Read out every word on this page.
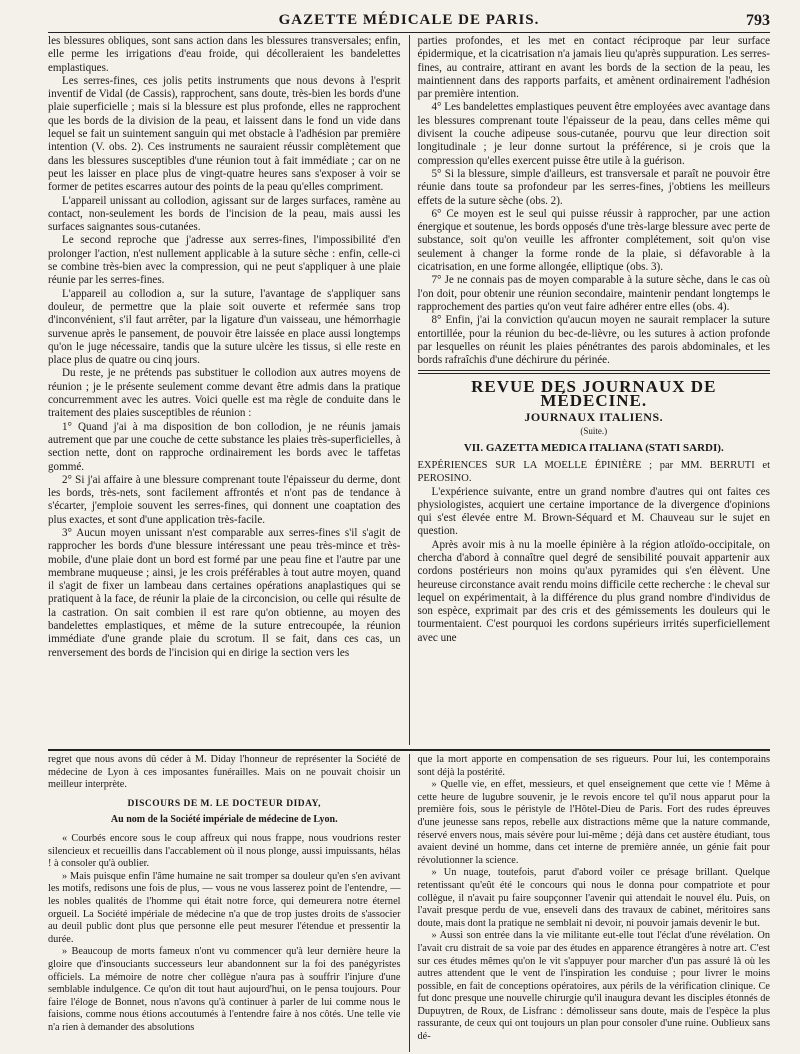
GAZETTE MÉDICALE DE PARIS.	793

les blessures obliques, sont sans action dans les blessures transversales; enfin, elle perme les irrigations d'eau froide, qui décolleraient les bandelettes emplastiques.

Les serres-fines, ces jolis petits instruments que nous devons à l'esprit inventif de Vidal (de Cassis), rapprochent, sans doute, très-bien les bords d'une plaie superficielle ; mais si la blessure est plus profonde, elles ne rapprochent que les bords de la division de la peau, et laissent dans le fond un vide dans lequel se fait un suintement sanguin qui met obstacle à l'adhésion par première intention (V. obs. 2). Ces instruments ne sauraient réussir complètement que dans les blessures susceptibles d'une réunion tout à fait immédiate ; car on ne peut les laisser en place plus de vingt-quatre heures sans s'exposer à voir se former de petites escarres autour des points de la peau qu'elles compriment.

L'appareil unissant au collodion, agissant sur de larges surfaces, ramène au contact, non-seulement les bords de l'incision de la peau, mais aussi les surfaces saignantes sous-cutanées.

Le second reproche que j'adresse aux serres-fines, l'impossibilité d'en prolonger l'action, n'est nullement applicable à la suture sèche : enfin, celle-ci se combine très-bien avec la compression, qui ne peut s'appliquer à une plaie réunie par les serres-fines.

L'appareil au collodion a, sur la suture, l'avantage de s'appliquer sans douleur, de permettre que la plaie soit ouverte et refermée sans trop d'inconvénient, s'il faut arrêter, par la ligature d'un vaisseau, une hémorrhagie survenue après le pansement, de pouvoir être laissée en place aussi longtemps qu'on le juge nécessaire, tandis que la suture ulcère les tissus, si elle reste en place plus de quatre ou cinq jours.

Du reste, je ne prétends pas substituer le collodion aux autres moyens de réunion ; je le présente seulement comme devant être admis dans la pratique concurremment avec les autres. Voici quelle est ma règle de conduite dans le traitement des plaies susceptibles de réunion :

1° Quand j'ai à ma disposition de bon collodion, je ne réunis jamais autrement que par une couche de cette substance les plaies très-superficielles, à section nette, dont on rapproche ordinairement les bords avec le taffetas gommé.

2° Si j'ai affaire à une blessure comprenant toute l'épaisseur du derme, dont les bords, très-nets, sont facilement affrontés et n'ont pas de tendance à s'écarter, j'emploie souvent les serres-fines, qui donnent une coaptation des plus exactes, et sont d'une application très-facile.

3° Aucun moyen unissant n'est comparable aux serres-fines s'il s'agit de rapprocher les bords d'une blessure intéressant une peau très-mince et très-mobile, d'une plaie dont un bord est formé par une peau fine et l'autre par une membrane muqueuse ; ainsi, je les crois préférables à tout autre moyen, quand il s'agit de fixer un lambeau dans certaines opérations anaplastiques qui se pratiquent à la face, de réunir la plaie de la circoncision, ou celle qui résulte de la castration. On sait combien il est rare qu'on obtienne, au moyen des bandelettes emplastiques, et même de la suture entrecoupée, la réunion immédiate d'une grande plaie du scrotum. Il se fait, dans ces cas, un renversement des bords de l'incision qui en dirige la section vers les

parties profondes, et les met en contact réciproque par leur surface épidermique, et la cicatrisation n'a jamais lieu qu'après suppuration. Les serres-fines, au contraire, attirant en avant les bords de la section de la peau, les maintiennent dans des rapports parfaits, et amènent ordinairement l'adhésion par première intention.

4° Les bandelettes emplastiques peuvent être employées avec avantage dans les blessures comprenant toute l'épaisseur de la peau, dans celles même qui divisent la couche adipeuse sous-cutanée, pourvu que leur direction soit longitudinale ; je leur donne surtout la préférence, si je crois que la compression qu'elles exercent puisse être utile à la guérison.

5° Si la blessure, simple d'ailleurs, est transversale et paraît ne pouvoir être réunie dans toute sa profondeur par les serres-fines, j'obtiens les meilleurs effets de la suture sèche (obs. 2).

6° Ce moyen est le seul qui puisse réussir à rapprocher, par une action énergique et soutenue, les bords opposés d'une très-large blessure avec perte de substance, soit qu'on veuille les affronter complétement, soit qu'on vise seulement à changer la forme ronde de la plaie, si défavorable à la cicatrisation, en une forme allongée, elliptique (obs. 3).

7° Je ne connais pas de moyen comparable à la suture sèche, dans le cas où l'on doit, pour obtenir une réunion secondaire, maintenir pendant longtemps le rapprochement des parties qu'on veut faire adhérer entre elles (obs. 4).

8° Enfin, j'ai la conviction qu'aucun moyen ne saurait remplacer la suture entortillée, pour la réunion du bec-de-lièvre, ou les sutures à action profonde par lesquelles on réunit les plaies pénétrantes des parois abdominales, et les bords rafraîchis d'une déchirure du périnée.

REVUE DES JOURNAUX DE MÉDECINE.
JOURNAUX ITALIENS.
(Suite.)
VII. GAZETTA MEDICA ITALIANA (STATI SARDI).

EXPÉRIENCES SUR LA MOELLE ÉPINIÈRE ; par MM. BERRUTI et PEROSINO.

L'expérience suivante, entre un grand nombre d'autres qui ont faites ces physiologistes, acquiert une certaine importance de la divergence d'opinions qui s'est élevée entre M. Brown-Séquard et M. Chauveau sur le sujet en question.

Après avoir mis à nu la moelle épinière à la région atloïdo-occipitale, on chercha d'abord à connaître quel degré de sensibilité pouvait appartenir aux cordons postérieurs non moins qu'aux pyramides qui s'en élèvent. Une heureuse circonstance avait rendu moins difficile cette recherche : le cheval sur lequel on expérimentait, à la différence du plus grand nombre d'individus de son espèce, exprimait par des cris et des gémissements les douleurs qui le tourmentaient. C'est pourquoi les cordons supérieurs irrités superficiellement avec une

regret que nous avons dû céder à M. Diday l'honneur de représenter la Société de médecine de Lyon à ces imposantes funérailles. Mais on ne pouvait choisir un meilleur interprète.

DISCOURS DE M. LE DOCTEUR DIDAY,
Au nom de la Société impériale de médecine de Lyon.

« Courbés encore sous le coup affreux qui nous frappe, nous voudrions rester silencieux et recueillis dans l'accablement où il nous plonge, aussi impuissants, hélas ! à consoler qu'à oublier.

» Mais puisque enfin l'âme humaine ne sait tromper sa douleur qu'en s'en avivant les motifs, redisons une fois de plus, — vous ne vous lasserez point de l'entendre, — les nobles qualités de l'homme qui était notre force, qui demeurera notre éternel orgueil. La Société impériale de médecine n'a que de trop justes droits de s'associer au deuil public dont plus que personne elle peut mesurer l'étendue et pressentir la durée.

» Beaucoup de morts fameux n'ont vu commencer qu'à leur dernière heure la gloire que d'insouciants successeurs leur abandonnent sur la foi des panégyristes officiels. La mémoire de notre cher collègue n'aura pas à souffrir l'injure d'une semblable indulgence. Ce qu'on dit tout haut aujourd'hui, on le pensa toujours. Pour faire l'éloge de Bonnet, nous n'avons qu'à continuer à parler de lui comme nous le faisions, comme nous étions accoutumés à l'entendre faire à nos côtés. Une telle vie n'a rien à demander des absolutions

que la mort apporte en compensation de ses rigueurs. Pour lui, les contemporains sont déjà la postérité.

» Quelle vie, en effet, messieurs, et quel enseignement que cette vie ! Même à cette heure de lugubre souvenir, je le revois encore tel qu'il nous apparut pour la première fois, sous le péristyle de l'Hôtel-Dieu de Paris. Fort des rudes épreuves d'une jeunesse sans repos, rebelle aux distractions même que la nature commande, réservé envers nous, mais sévère pour lui-même ; déjà dans cet austère étudiant, tous avaient deviné un homme, dans cet interne de première année, un génie fait pour révolutionner la science.

» Un nuage, toutefois, parut d'abord voiler ce présage brillant. Quelque retentissant qu'eût été le concours qui nous le donna pour compatriote et pour collègue, il n'avait pu faire soupçonner l'avenir qui attendait le nouvel élu. Puis, on l'avait presque perdu de vue, enseveli dans des travaux de cabinet, méritoires sans doute, mais dont la pratique ne semblait ni devoir, ni pouvoir jamais devenir le but.

» Aussi son entrée dans la vie militante eut-elle tout l'éclat d'une révélation. On l'avait cru distrait de sa voie par des études en apparence étrangères à notre art. C'est sur ces études mêmes qu'on le vit s'appuyer pour marcher d'un pas assuré là où les autres attendent que le vent de l'inspiration les conduise ; pour livrer le moins possible, en fait de conceptions opératoires, aux périls de la vérification clinique. Ce fut donc presque une nouvelle chirurgie qu'il inaugura devant les disciples étonnés de Dupuytren, de Roux, de Lisfranc : démolisseur sans doute, mais de l'espèce la plus rassurante, de ceux qui ont toujours un plan pour consoler d'une ruine. Oublieux sans dé-
